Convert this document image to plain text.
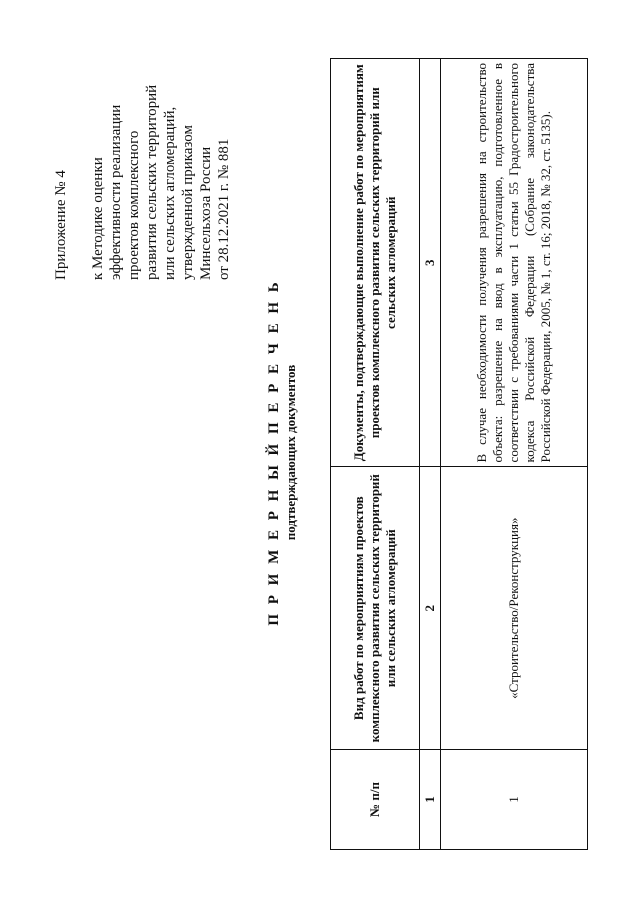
Приложение № 4 к Методике оценки эффективности реализации проектов комплексного развития сельских территорий или сельских агломераций, утвержденной приказом Минсельхоза России от 28.12.2021 г. № 881
П Р И М Е Р Н Ы Й П Е Р Е Ч Е Н Ь подтверждающих документов
№ п/п	Вид работ по мероприятиям проектов комплексного развития сельских территорий или сельских агломераций	Документы, подтверждающие выполнение работ по мероприятиям проектов комплексного развития сельских территорий или сельских агломераций
1	2	3
1	«Строительство/Реконструкция»	В случае необходимости получения разрешения на строительство объекта: разрешение на ввод в эксплуатацию, подготовленное в соответствии с требованиями части 1 статьи 55 Градостроительного кодекса Российской Федерации (Собрание законодательства Российской Федерации, 2005, № 1, ст. 16; 2018, № 32, ст. 5135).
